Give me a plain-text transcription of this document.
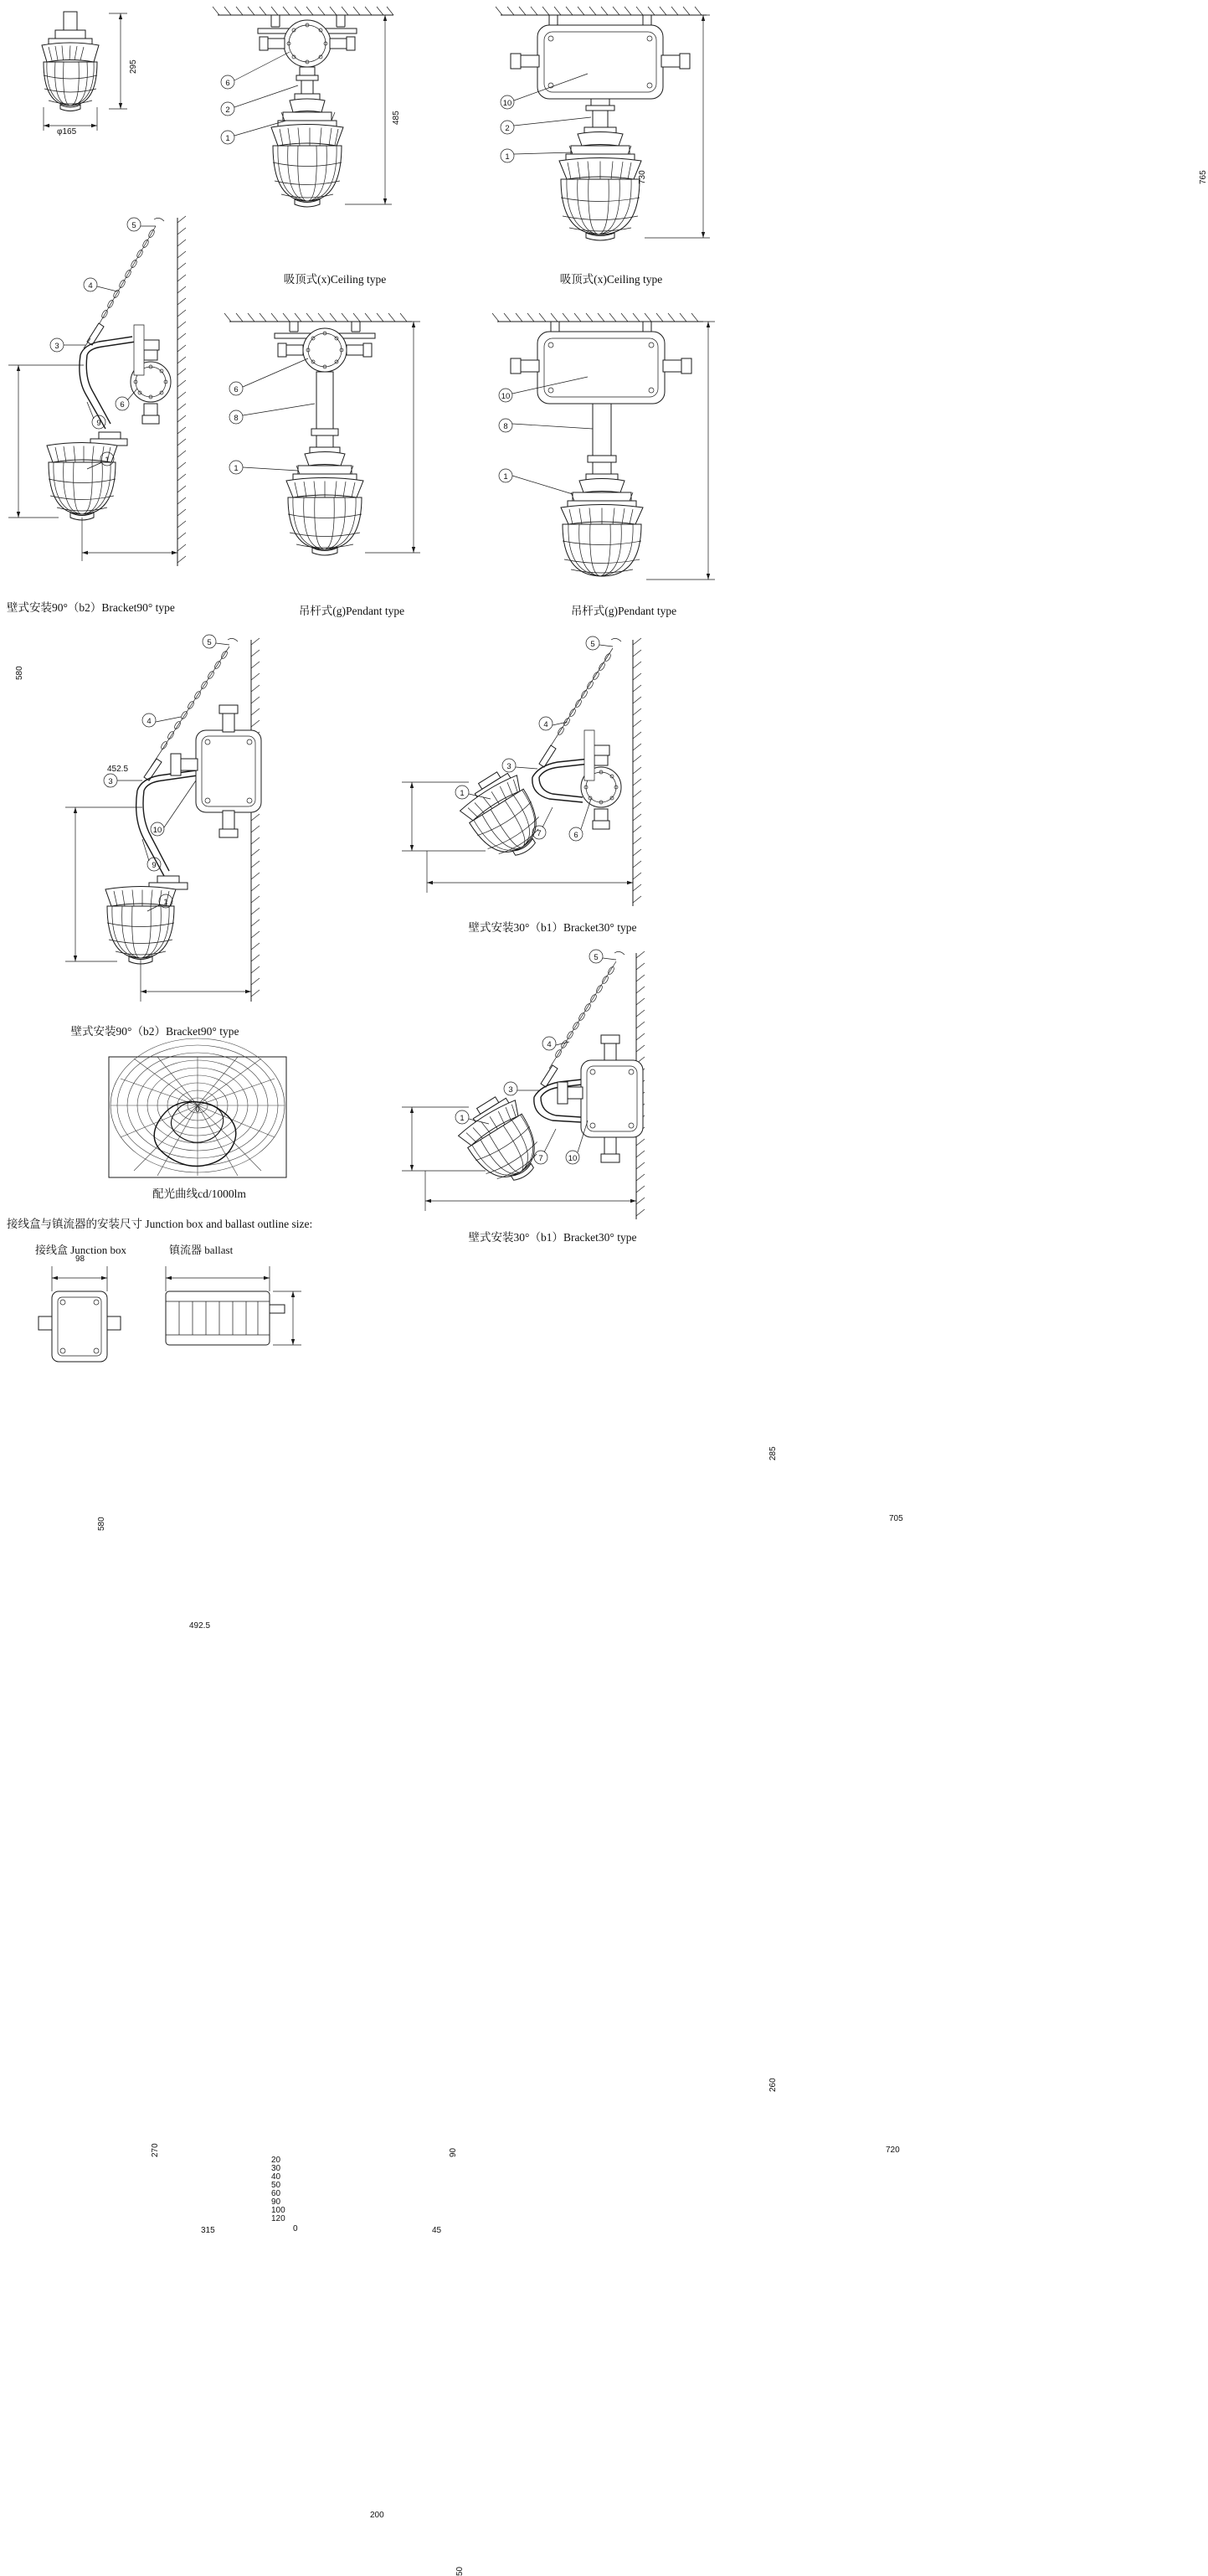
295
φ165
6
2
1
485
吸顶式(x)Ceiling type
10
2
1
吸顶式(x)Ceiling type
5
4
3
9
6
1
580
452.5
壁式安装90°（b2）Bracket90° type
6
8
1
730
吊杆式(g)Pendant type
10
8
1
765
吊杆式(g)Pendant type
5
4
3
10
9
1
580
492.5
壁式安装90°（b2）Bracket90° type
5
4
3
1
7	6
285
705
壁式安装30°（b1）Bracket30° type
5
4
3
1
7	10
260
720
壁式安装30°（b1）Bracket30° type
0
270	90
315	45
0
20
30
40
50
60
90
100
120
配光曲线cd/1000lm
接线盒与镇流器的安装尺寸 Junction box and ballast outline size:
接线盒 Junction box	镇流器 ballast
98
200
50
